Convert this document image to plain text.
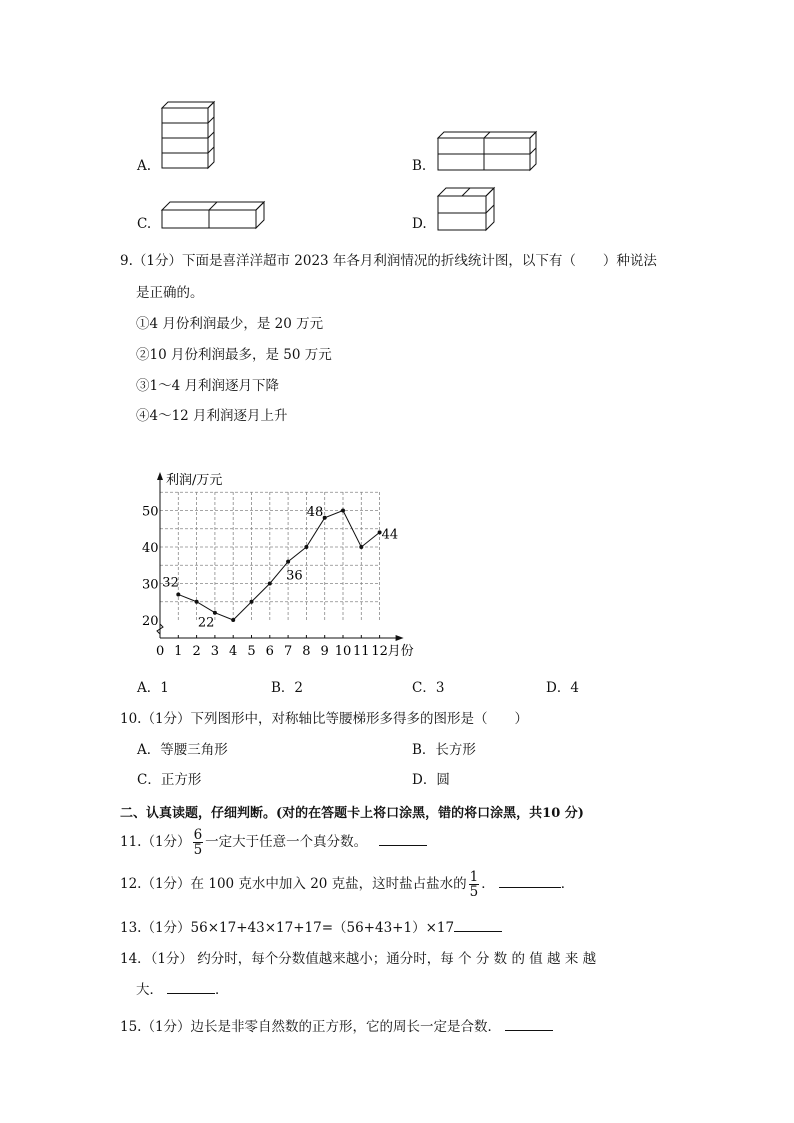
A.	B.
C.	D.
9.（1分）下面是喜洋洋超市 2023 年各月利润情况的折线统计图，以下有（　　）种说法
是正确的。
①4 月份利润最少，是 20 万元
②10 月份利润最多，是 50 万元
③1～4 月利润逐月下降
④4～12 月利润逐月上升
20
30
40
50
0 1 2 3 4 5 6 7 8 9 10 11 12
利润/万元
月份
32
22
36
48
44
A．1	B．2	C．3	D．4
10.（1分）下列图形中，对称轴比等腰梯形多得多的图形是（　　）
A．等腰三角形	B．长方形
C．正方形	D．圆
二、认真读题，仔细判断。(对的在答题卡上将口涂黑，错的将口涂黑，共10 分)
11.（1分） $\frac{6}{5}$ 一定大于任意一个真分数。
12.（1分）在 100 克水中加入 20 克盐，这时盐占盐水的 $\frac{1}{5}$ ．	．
13.（1分）56×17+43×17+17=（56+43+1）×17
14．（1分） 约分时，每个分数值越来越小；通分时，每 个 分 数 的 值 越 来 越
大．	．
15.（1分）边长是非零自然数的正方形，它的周长一定是合数．
